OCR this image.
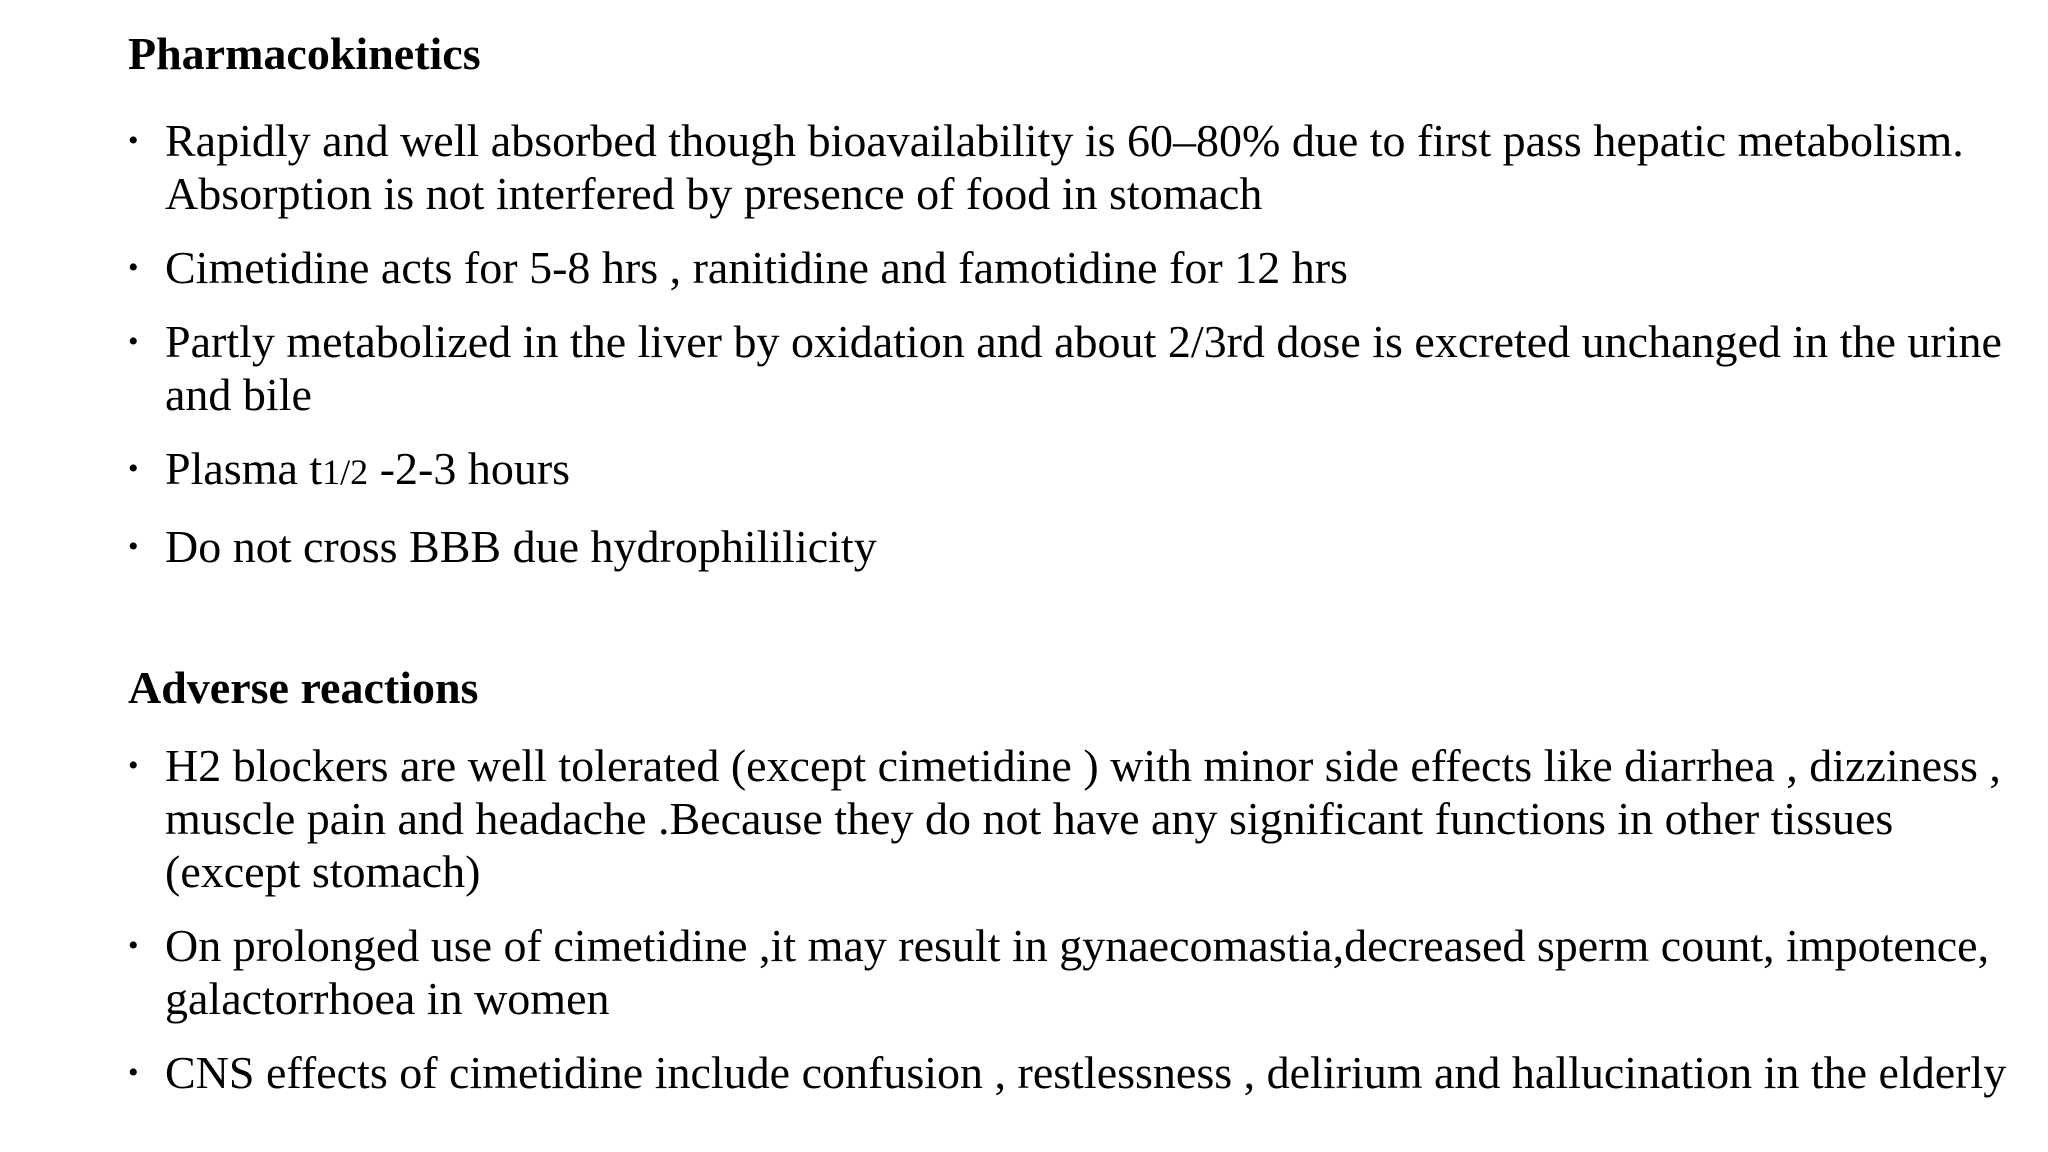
Pharmacokinetics
• Rapidly and well absorbed though bioavailability is 60–80% due to first pass hepatic metabolism. Absorption is not interfered by presence of food in stomach
• Cimetidine acts for 5-8 hrs , ranitidine and famotidine for 12 hrs
• Partly metabolized in the liver by oxidation and about 2/3rd dose is excreted unchanged in the urine and bile
• Plasma t1/2 -2-3 hours
• Do not cross BBB due hydrophililicity
Adverse reactions
• H2 blockers are well tolerated (except cimetidine ) with minor side effects like diarrhea , dizziness , muscle pain and headache .Because they do not have any significant functions in other tissues (except stomach)
• On prolonged use of cimetidine ,it may result in gynaecomastia,decreased sperm count, impotence, galactorrhoea in women
• CNS effects of cimetidine include confusion , restlessness , delirium and hallucination in the elderly
